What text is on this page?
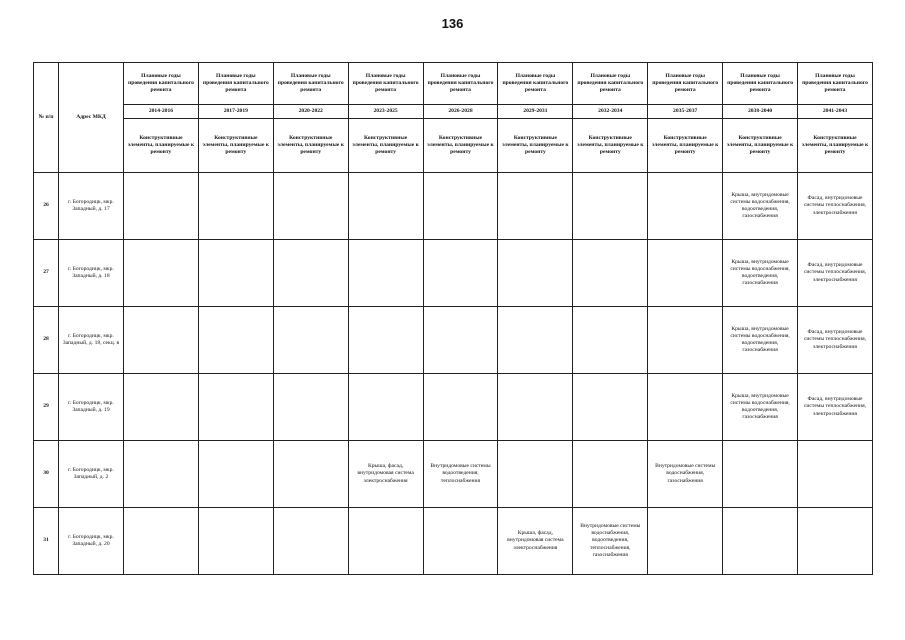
136
№ п/п	Адрес МКД	Плановые годы проведения капитального ремонта	Плановые годы проведения капитального ремонта	Плановые годы проведения капитального ремонта	Плановые годы проведения капитального ремонта	Плановые годы проведения капитального ремонта	Плановые годы проведения капитального ремонта	Плановые годы проведения капитального ремонта	Плановые годы проведения капитального ремонта	Плановые годы проведения капитального ремонта	Плановые годы проведения капитального ремонта
		2014-2016	2017-2019	2020-2022	2023-2025	2026-2028	2029-2031	2032-2034	2035-2037	2038-2040	2041-2043
		Конструктивные элементы, планируемые к ремонту	Конструктивные элементы, планируемые к ремонту	Конструктивные элементы, планируемые к ремонту	Конструктивные элементы, планируемые к ремонту	Конструктивные элементы, планируемые к ремонту	Конструктивные элементы, планируемые к ремонту	Конструктивные элементы, планируемые к ремонту	Конструктивные элементы, планируемые к ремонту	Конструктивные элементы, планируемые к ремонту	Конструктивные элементы, планируемые к ремонту
26	г. Богородицк, мкр. Западный, д. 17									Крыша, внутридомовые системы водоснабжения, водоотведения, газоснабжения	Фасад, внутридомовые системы теплоснабжения, электроснабжения
27	г. Богородицк, мкр. Западный, д. 18									Крыша, внутридомовые системы водоснабжения, водоотведения, газоснабжения	Фасад, внутридомовые системы теплоснабжения, электроснабжения
28	г. Богородицк, мкр. Западный, д. 18, секц. в									Крыша, внутридомовые системы водоснабжения, водоотведения, газоснабжения	Фасад, внутридомовые системы теплоснабжения, электроснабжения
29	г. Богородицк, мкр. Западный, д. 19									Крыша, внутридомовые системы водоснабжения, водоотведения, газоснабжения	Фасад, внутридомовые системы теплоснабжения, электроснабжения
30	г. Богородицк, мкр. Западный, д. 2				Крыша, фасад, внутридомовая система электроснабжения	Внутридомовые системы водоотведения, теплоснабжения			Внутридомовые системы водоснабжения, газоснабжения		
31	г. Богородицк, мкр. Западный, д. 20						Крыша, фасад, внутридомовая система электроснабжения	Внутридомовые системы водоснабжения, водоотведения, теплоснабжения, газоснабжения			
